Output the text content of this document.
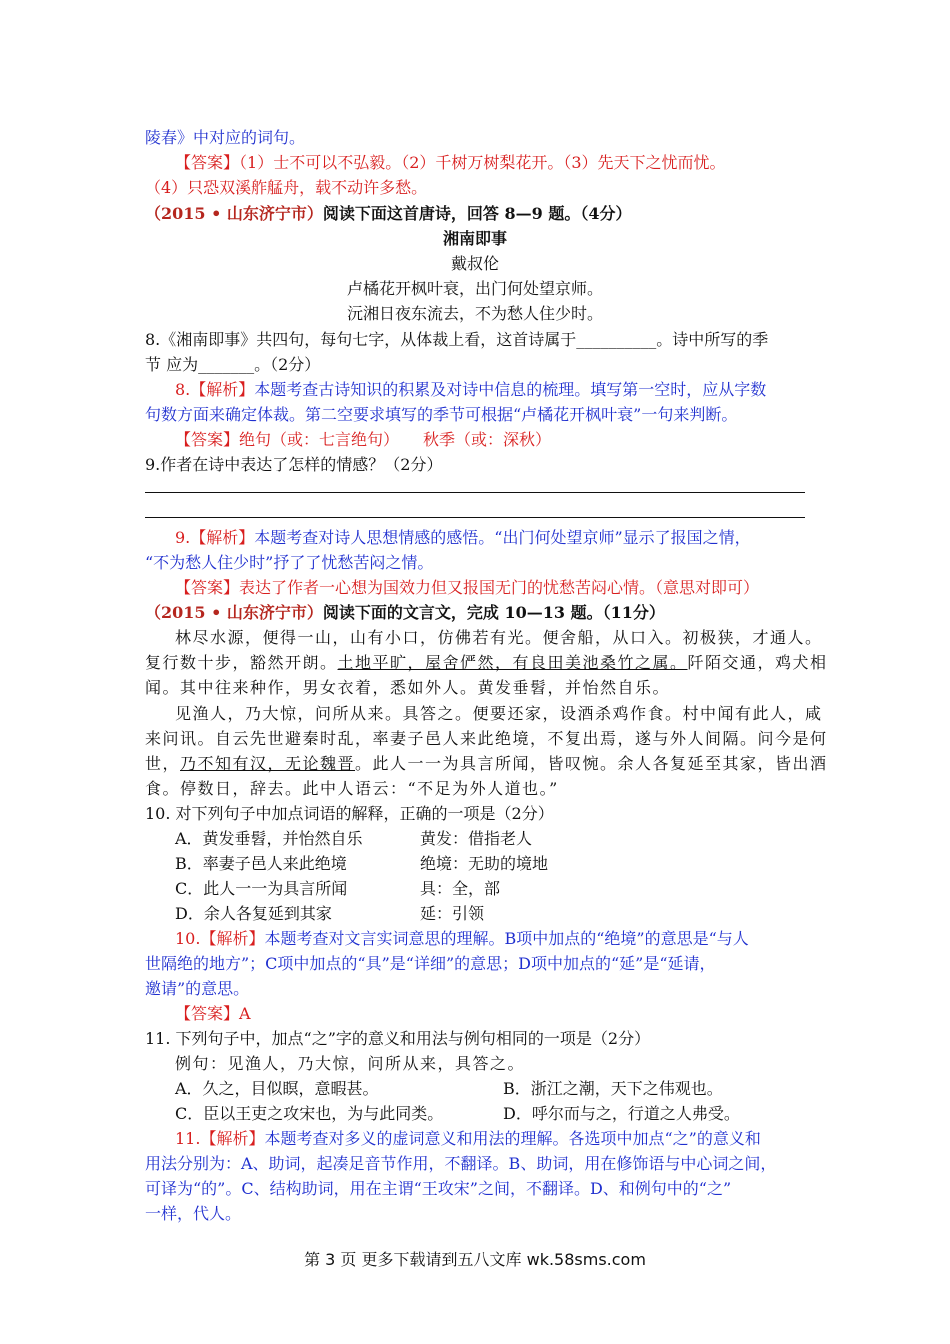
陵春》中对应的词句。
【答案】（1）士不可以不弘毅。（2）千树万树梨花开。（3）先天下之忧而忧。
（4）只恐双溪舴艋舟，载不动许多愁。
（2015 • 山东济宁市）阅读下面这首唐诗，回答 8—9 题。（4分）
湘南即事
戴叔伦
卢橘花开枫叶衰，出门何处望京师。
沅湘日夜东流去，不为愁人住少时。
8.《湘南即事》共四句，每句七字，从体裁上看，这首诗属于__________。诗中所写的季
节 应为_______。（2分）
8.【解析】本题考查古诗知识的积累及对诗中信息的梳理。填写第一空时，应从字数
句数方面来确定体裁。第二空要求填写的季节可根据“卢橘花开枫叶衰”一句来判断。
【答案】绝句（或：七言绝句）　　秋季（或：深秋）
9.作者在诗中表达了怎样的情感？（2分）
9.【解析】本题考查对诗人思想情感的感悟。“出门何处望京师”显示了报国之情，
“不为愁人住少时”抒了了忧愁苦闷之情。
【答案】表达了作者一心想为国效力但又报国无门的忧愁苦闷心情。（意思对即可）
（2015 • 山东济宁市）阅读下面的文言文，完成 10—13 题。（11分）
林尽水源，便得一山，山有小口，仿佛若有光。便舍船，从口入。初极狭，才通人。
复行数十步，豁然开朗。土地平旷，屋舍俨然，有良田美池桑竹之属。阡陌交通，鸡犬相
闻。其中往来种作，男女衣着，悉如外人。黄发垂髫，并怡然自乐。
见渔人，乃大惊，问所从来。具答之。便要还家，设酒杀鸡作食。村中闻有此人，咸
来问讯。自云先世避秦时乱，率妻子邑人来此绝境，不复出焉，遂与外人间隔。问今是何
世，乃不知有汉，无论魏晋。此人一一为具言所闻，皆叹惋。余人各复延至其家，皆出酒
食。停数日，辞去。此中人语云：“不足为外人道也。”
10. 对下列句子中加点词语的解释，正确的一项是（2分）
A．黄发垂髫，并怡然自乐	黄发：借指老人
B．率妻子邑人来此绝境	绝境：无助的境地
C．此人一一为具言所闻	具：全，部
D．余人各复延到其家	延：引领
10.【解析】本题考查对文言实词意思的理解。B项中加点的“绝境”的意思是“与人
世隔绝的地方”；C项中加点的“具”是“详细”的意思；D项中加点的“延”是“延请，
邀请”的意思。
【答案】A
11. 下列句子中，加点“之”字的意义和用法与例句相同的一项是（2分）
例句：见渔人，乃大惊，问所从来，具答之。
A．久之，目似瞑，意暇甚。	B．浙江之潮，天下之伟观也。
C．臣以王吏之攻宋也，为与此同类。	D．呼尔而与之，行道之人弗受。
11.【解析】本题考查对多义的虚词意义和用法的理解。各选项中加点“之”的意义和
用法分别为：A、助词，起凑足音节作用，不翻译。B、助词，用在修饰语与中心词之间，
可译为“的”。C、结构助词，用在主谓“王攻宋”之间，不翻译。D、和例句中的“之”
一样，代人。
第 3 页 更多下载请到五八文库 wk.58sms.com
